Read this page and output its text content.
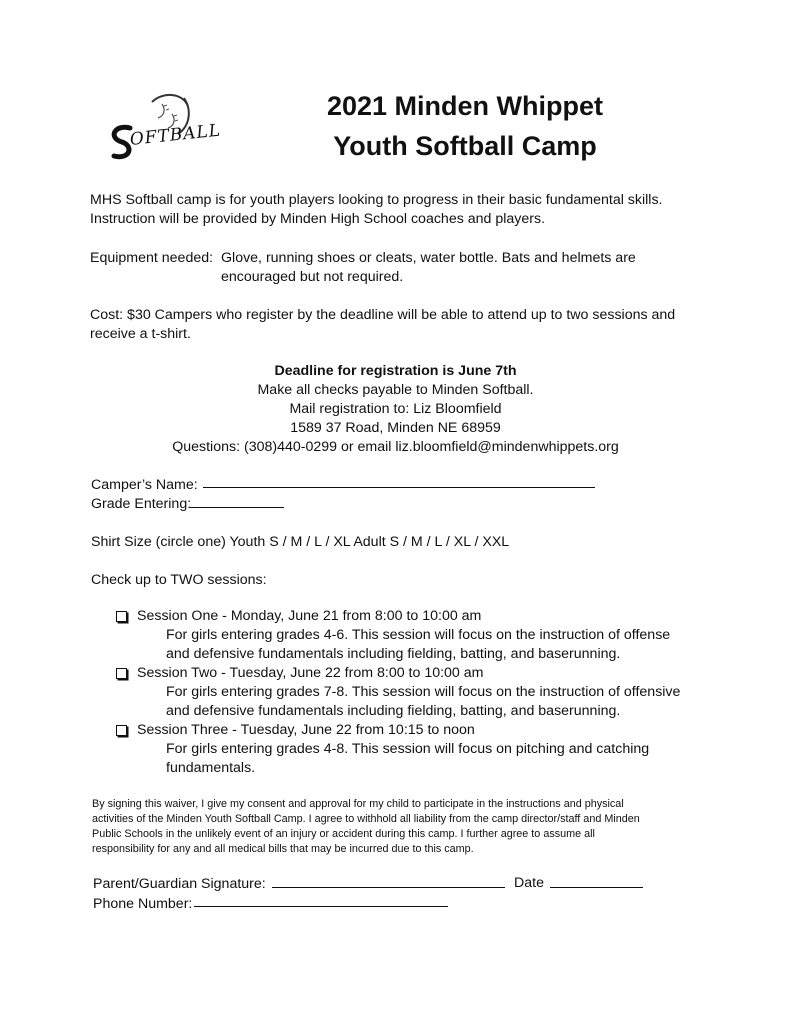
OFTBALL
2021 Minden Whippet
Youth Softball Camp
MHS Softball camp is for youth players looking to progress in their basic fundamental skills.
Instruction will be provided by Minden High School coaches and players.
Equipment needed: Glove, running shoes or cleats, water bottle. Bats and helmets are
encouraged but not required.
Cost: $30 Campers who register by the deadline will be able to attend up to two sessions and
receive a t-shirt.
Deadline for registration is June 7th
Make all checks payable to Minden Softball.
Mail registration to: Liz Bloomfield
1589 37 Road, Minden NE 68959
Questions: (308)440-0299 or email liz.bloomfield@mindenwhippets.org
Camper’s Name:
Grade Entering:
Shirt Size (circle one) Youth S / M / L / XL Adult S / M / L / XL / XXL
Check up to TWO sessions:
Session One - Monday, June 21 from 8:00 to 10:00 am
For girls entering grades 4-6. This session will focus on the instruction of offense
and defensive fundamentals including fielding, batting, and baserunning.
Session Two - Tuesday, June 22 from 8:00 to 10:00 am
For girls entering grades 7-8. This session will focus on the instruction of offensive
and defensive fundamentals including fielding, batting, and baserunning.
Session Three - Tuesday, June 22 from 10:15 to noon
For girls entering grades 4-8. This session will focus on pitching and catching
fundamentals.
By signing this waiver, I give my consent and approval for my child to participate in the instructions and physical
activities of the Minden Youth Softball Camp. I agree to withhold all liability from the camp director/staff and Minden
Public Schools in the unlikely event of an injury or accident during this camp. I further agree to assume all
responsibility for any and all medical bills that may be incurred due to this camp.
Parent/Guardian Signature:	Date
Phone Number:
